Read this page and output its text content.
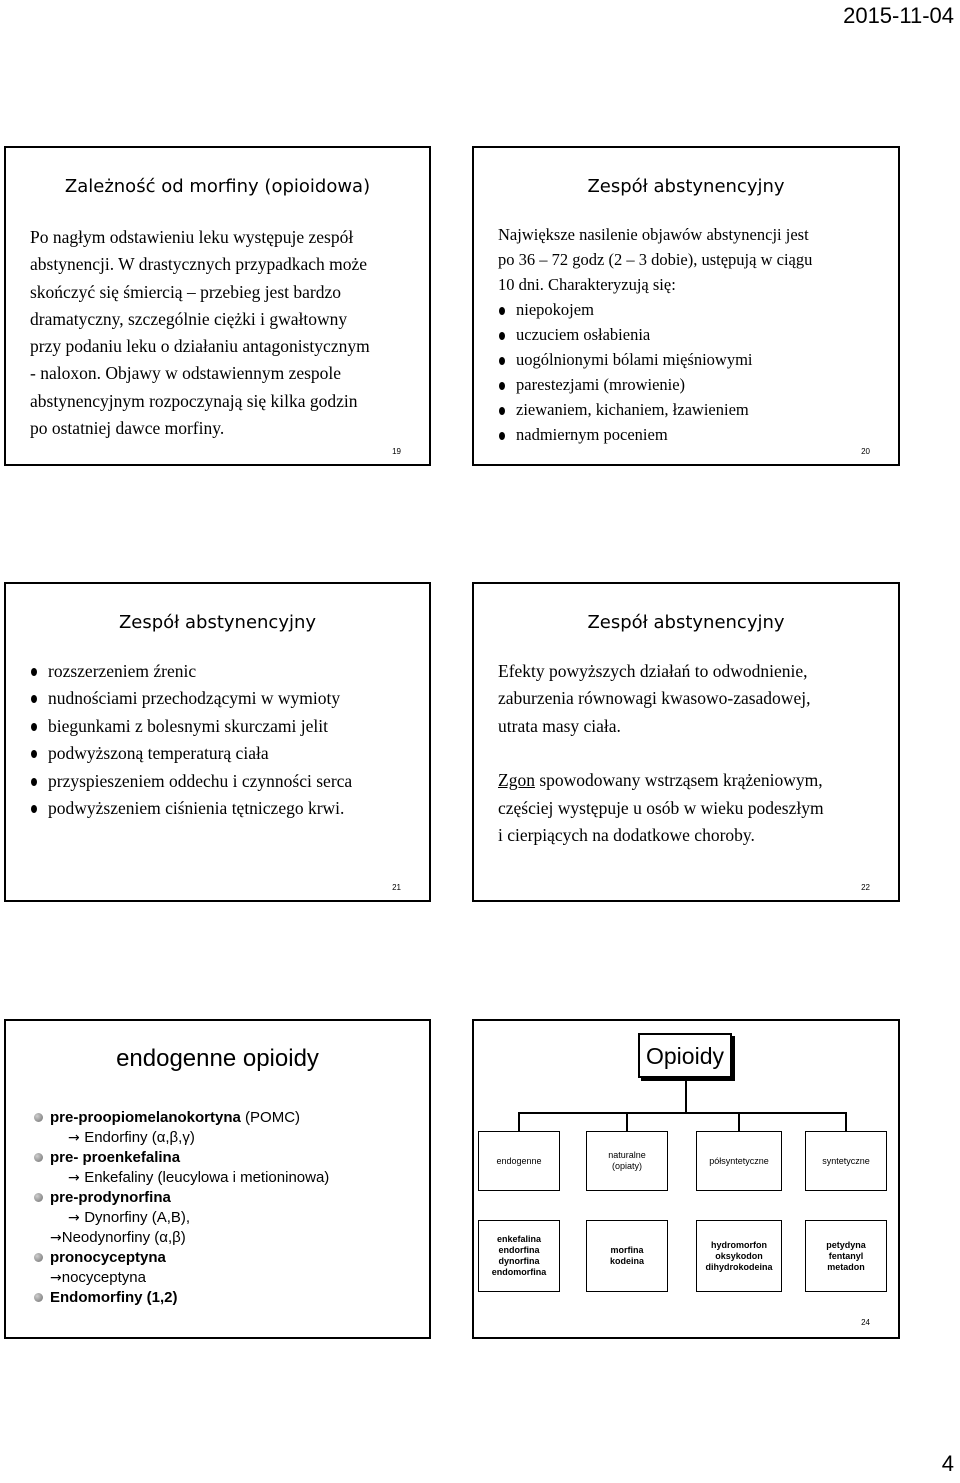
2015-11-04
Zależność od morfiny (opioidowa)
Po nagłym odstawieniu leku występuje zespół
abstynencji. W drastycznych przypadkach może
skończyć się śmiercią – przebieg jest bardzo
dramatyczny, szczególnie ciężki i gwałtowny
przy podaniu leku o działaniu antagonistycznym
- naloxon. Objawy w odstawiennym zespole
abstynencyjnym rozpoczynają się kilka godzin
po ostatniej dawce morfiny.
19
Zespół abstynencyjny
Największe nasilenie objawów abstynencji jest
po 36 – 72 godz (2 – 3 dobie), ustępują w ciągu
10 dni. Charakteryzują się:
niepokojem
uczuciem osłabienia
uogólnionymi bólami mięśniowymi
parestezjami (mrowienie)
ziewaniem, kichaniem, łzawieniem
nadmiernym poceniem
20
Zespół abstynencyjny
rozszerzeniem źrenic
nudnościami przechodzącymi w wymioty
biegunkami z bolesnymi skurczami jelit
podwyższoną temperaturą ciała
przyspieszeniem oddechu i czynności serca
podwyższeniem ciśnienia tętniczego krwi.
21
Zespół abstynencyjny
Efekty powyższych działań to odwodnienie,
zaburzenia równowagi kwasowo-zasadowej,
utrata masy ciała.
Zgon spowodowany wstrząsem krążeniowym,
częściej występuje u osób w wieku podeszłym
i cierpiących na dodatkowe choroby.
22
endogenne opioidy
pre-proopiomelanokortyna (POMC)
→ Endorfiny (α,β,γ)
pre- proenkefalina
→ Enkefaliny (leucylowa i metioninowa)
pre-prodynorfina
→ Dynorfiny (A,B),
→Neodynorfiny (α,β)
pronocyceptyna
→nocyceptyna
Endomorfiny (1,2)
Opioidy
endogenne
naturalne
(opiaty)
półsyntetyczne	syntetyczne
enkefalina
endorfina
dynorfina
endomorfina
morfina
kodeina
hydromorfon
oksykodon
dihydrokodeina
petydyna
fentanyl
metadon
24
4
